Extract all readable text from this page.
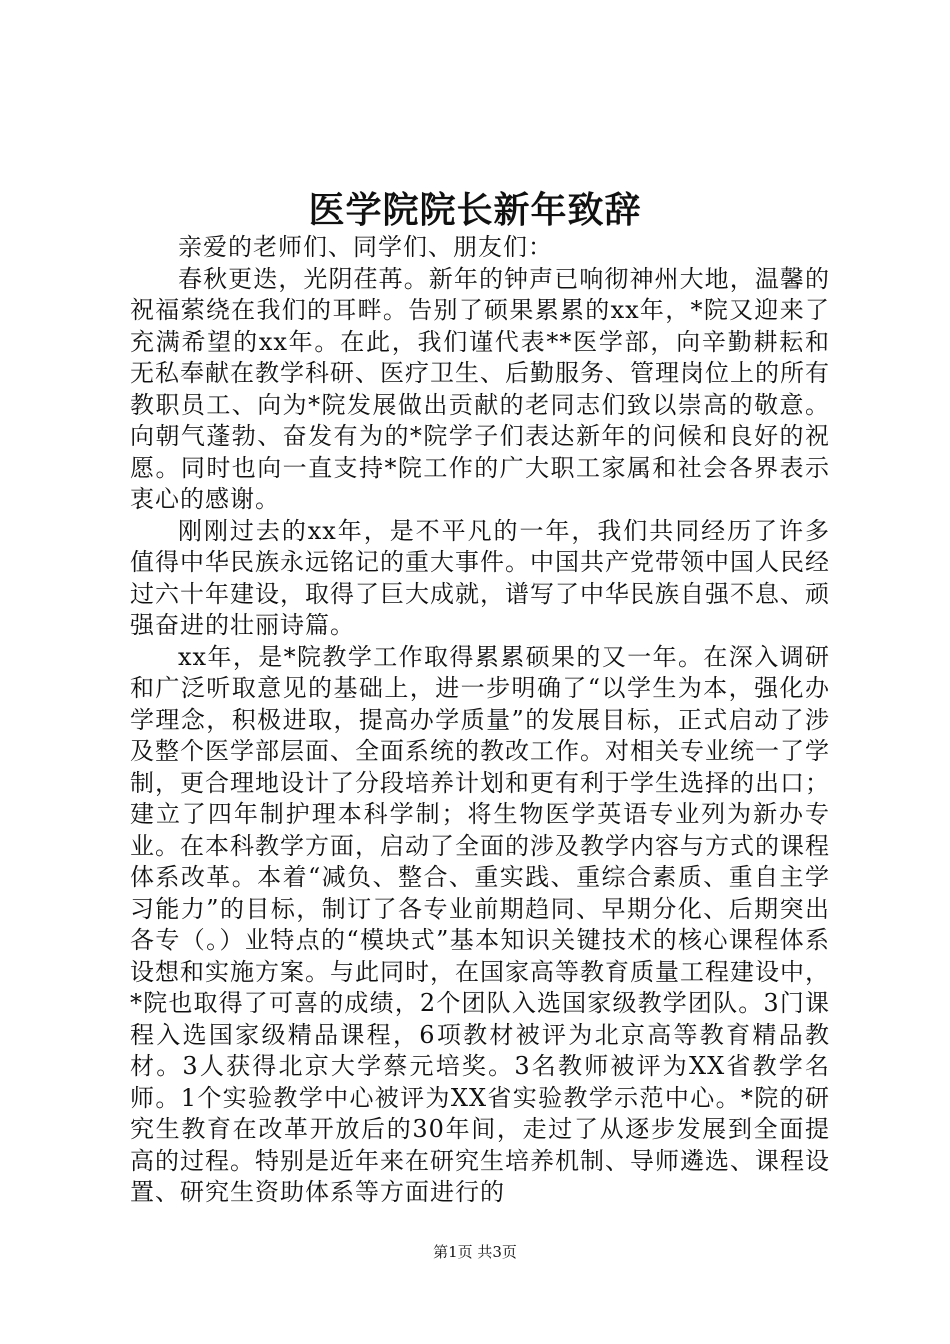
医学院院长新年致辞

亲爱的老师们、同学们、朋友们：

春秋更迭，光阴荏苒。新年的钟声已响彻神州大地，温馨的祝福萦绕在我们的耳畔。告别了硕果累累的xx年，*院又迎来了充满希望的xx年。在此，我们谨代表**医学部，向辛勤耕耘和无私奉献在教学科研、医疗卫生、后勤服务、管理岗位上的所有教职员工、向为*院发展做出贡献的老同志们致以崇高的敬意。向朝气蓬勃、奋发有为的*院学子们表达新年的问候和良好的祝愿。同时也向一直支持*院工作的广大职工家属和社会各界表示衷心的感谢。

刚刚过去的xx年，是不平凡的一年，我们共同经历了许多值得中华民族永远铭记的重大事件。中国共产党带领中国人民经过六十年建设，取得了巨大成就，谱写了中华民族自强不息、顽强奋进的壮丽诗篇。

xx年，是*院教学工作取得累累硕果的又一年。在深入调研和广泛听取意见的基础上，进一步明确了“以学生为本，强化办学理念，积极进取，提高办学质量”的发展目标，正式启动了涉及整个医学部层面、全面系统的教改工作。对相关专业统一了学制，更合理地设计了分段培养计划和更有利于学生选择的出口；建立了四年制护理本科学制；将生物医学英语专业列为新办专业。在本科教学方面，启动了全面的涉及教学内容与方式的课程体系改革。本着“减负、整合、重实践、重综合素质、重自主学习能力”的目标，制订了各专业前期趋同、早期分化、后期突出各专（。）业特点的“模块式”基本知识关键技术的核心课程体系设想和实施方案。与此同时，在国家高等教育质量工程建设中，*院也取得了可喜的成绩，2个团队入选国家级教学团队。3门课程入选国家级精品课程，6项教材被评为北京高等教育精品教材。3人获得北京大学蔡元培奖。3名教师被评为XX省教学名师。1个实验教学中心被评为XX省实验教学示范中心。*院的研究生教育在改革开放后的30年间，走过了从逐步发展到全面提高的过程。特别是近年来在研究生培养机制、导师遴选、课程设置、研究生资助体系等方面进行的

第1页 共3页
